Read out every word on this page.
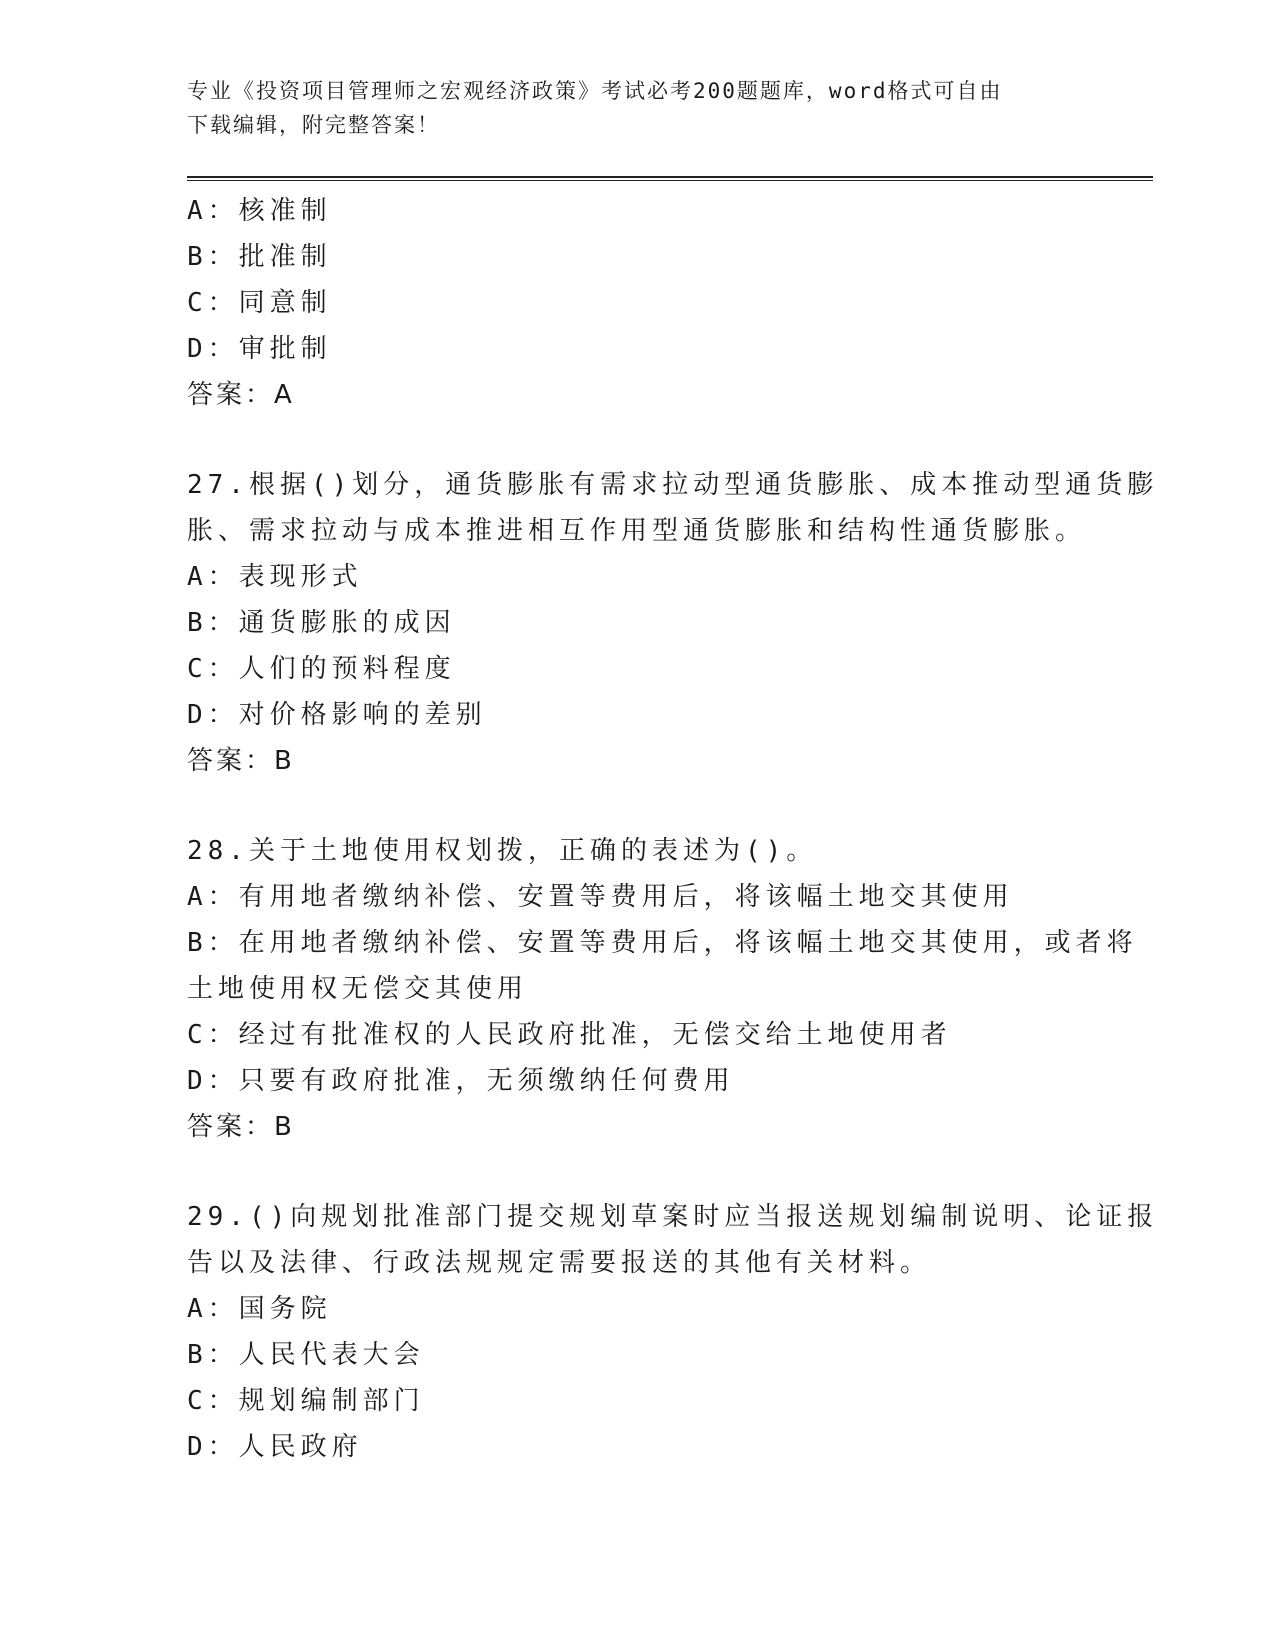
专业《投资项目管理师之宏观经济政策》考试必考200题题库，word格式可自由
下载编辑，附完整答案！
A：核准制
B：批准制
C：同意制
D：审批制
答案：A
27.根据()划分，通货膨胀有需求拉动型通货膨胀、成本推动型通货膨
胀、需求拉动与成本推进相互作用型通货膨胀和结构性通货膨胀。
A：表现形式
B：通货膨胀的成因
C：人们的预料程度
D：对价格影响的差别
答案：B
28.关于土地使用权划拨，正确的表述为()。
A：有用地者缴纳补偿、安置等费用后，将该幅土地交其使用
B：在用地者缴纳补偿、安置等费用后，将该幅土地交其使用，或者将
土地使用权无偿交其使用
C：经过有批准权的人民政府批准，无偿交给土地使用者
D：只要有政府批准，无须缴纳任何费用
答案：B
29.()向规划批准部门提交规划草案时应当报送规划编制说明、论证报
告以及法律、行政法规规定需要报送的其他有关材料。
A：国务院
B：人民代表大会
C：规划编制部门
D：人民政府
